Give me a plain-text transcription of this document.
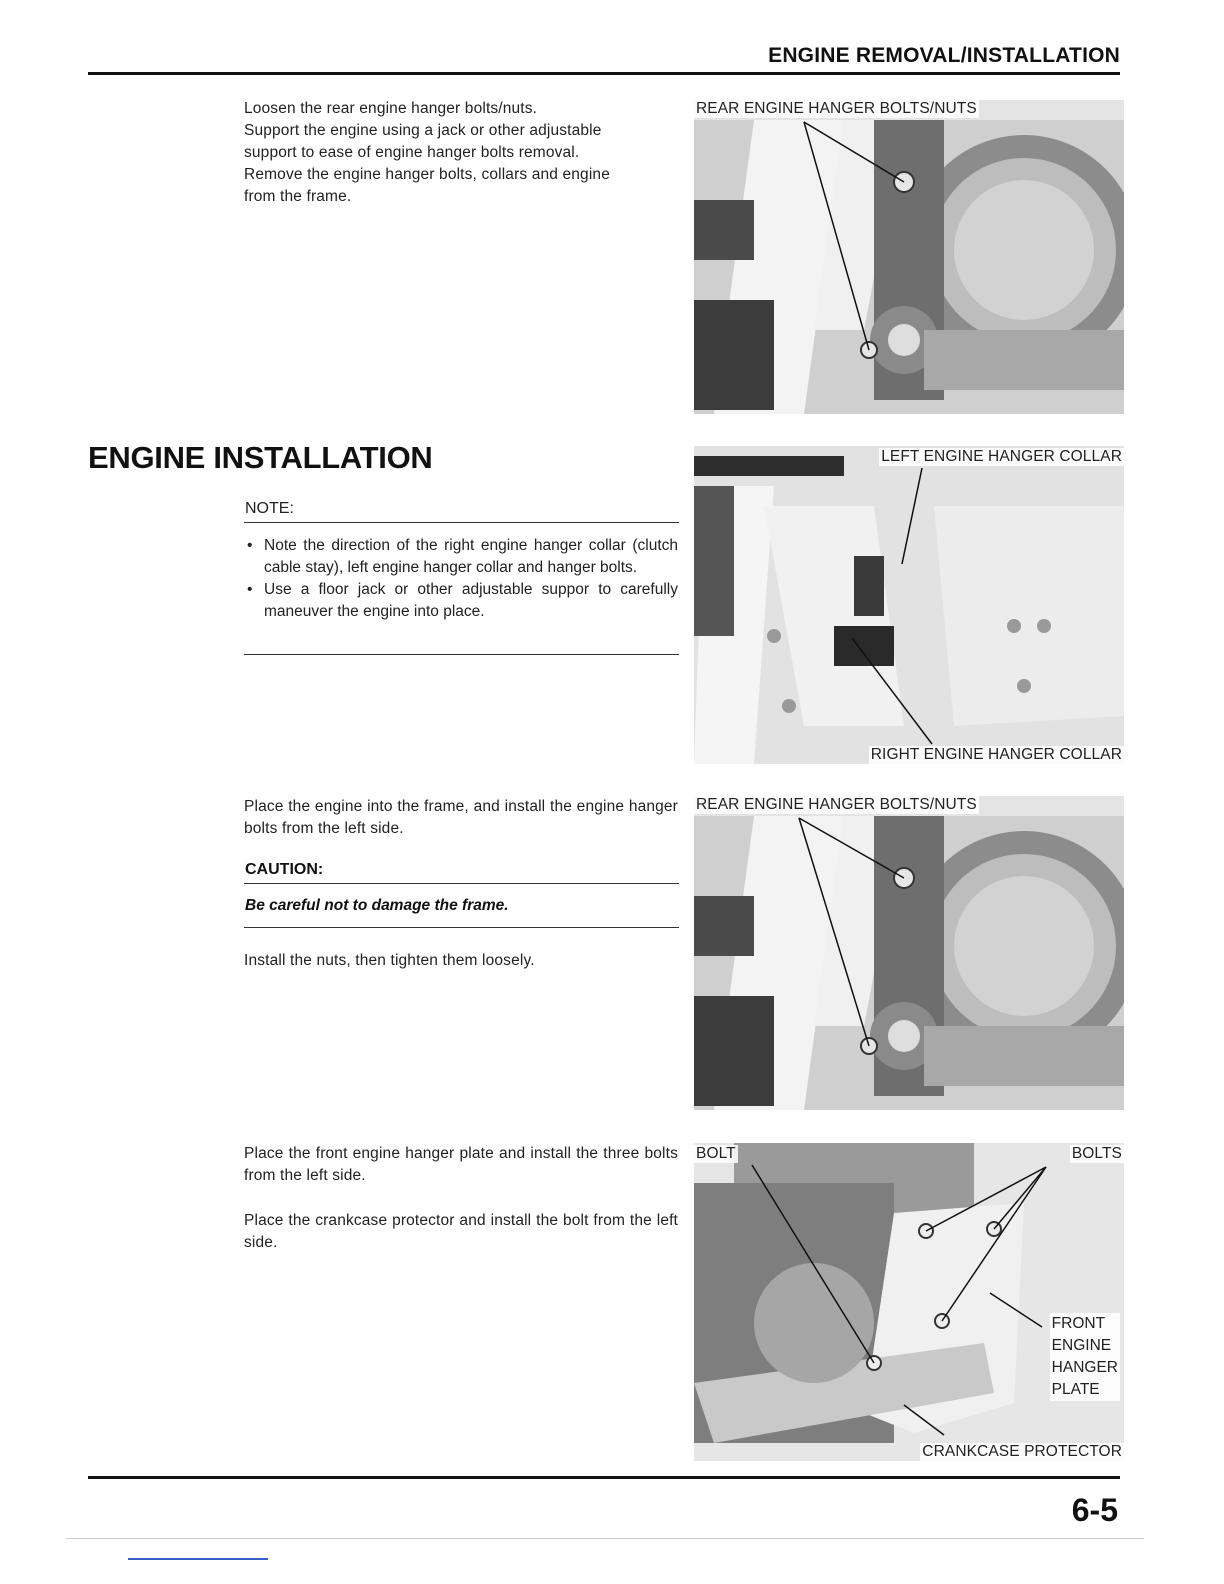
ENGINE REMOVAL/INSTALLATION

Loosen the rear engine hanger bolts/nuts.

Support the engine using a jack or other adjustable

support to ease of engine hanger bolts removal.

Remove the engine hanger bolts, collars and engine

from the frame.

ENGINE INSTALLATION
NOTE:
• Note the direction of the right engine hanger collar (clutch cable stay), left engine hanger collar and hanger bolts.
• Use a floor jack or other adjustable suppor to carefully maneuver the engine into place.

Place the engine into the frame, and install the engine hanger bolts from the left side.

CAUTION:
Be careful not to damage the frame.

Install the nuts, then tighten them loosely.

Place the front engine hanger plate and install the three bolts from the left side.

Place the crankcase protector and install the bolt from the left side.

REAR ENGINE HANGER BOLTS/NUTS
LEFT ENGINE HANGER COLLAR
RIGHT ENGINE HANGER COLLAR
REAR ENGINE HANGER BOLTS/NUTS
BOLT	BOLTS
FRONT
ENGINE
HANGER
PLATE
CRANKCASE PROTECTOR
6-5
